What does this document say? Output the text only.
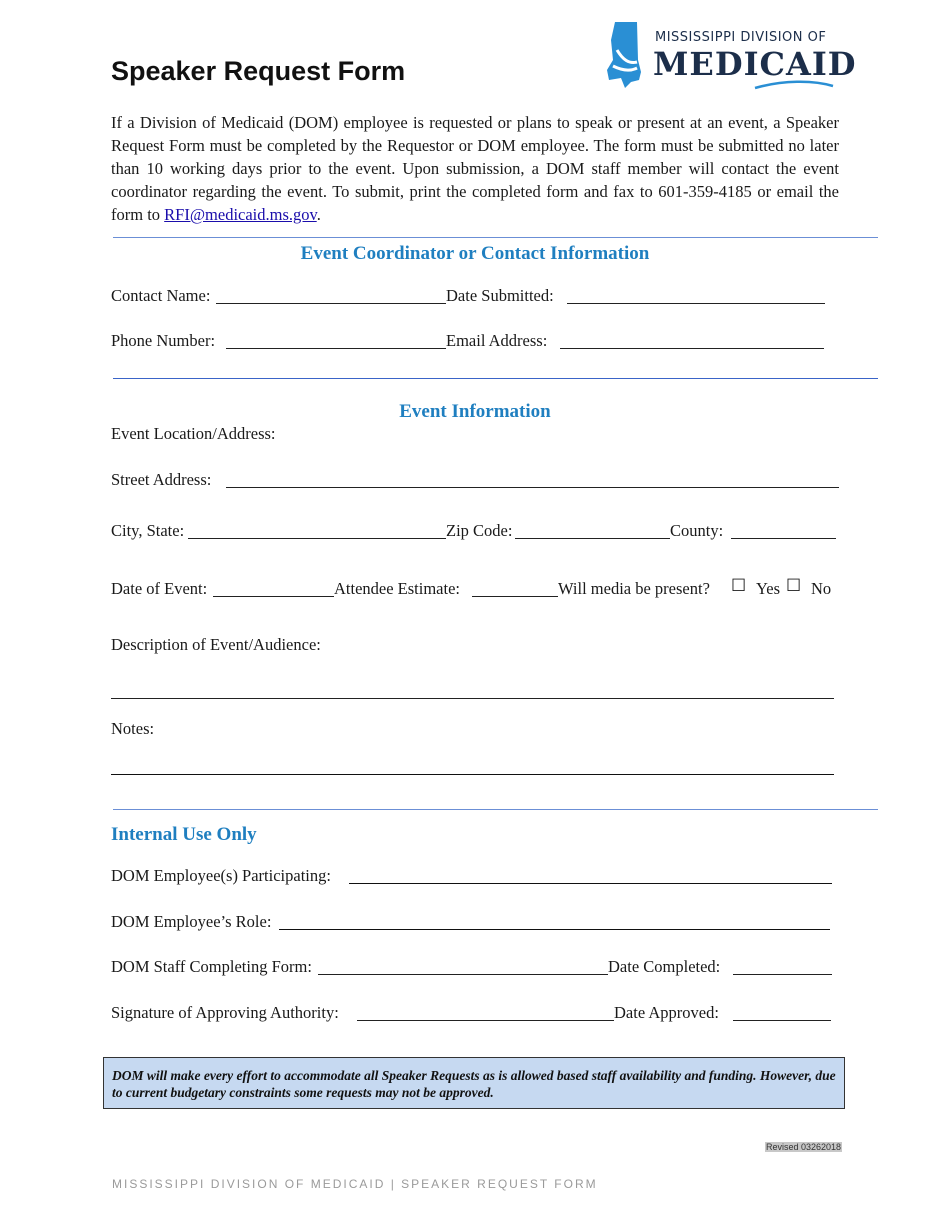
Speaker Request Form
MISSISSIPPI DIVISION OF
MEDICAID
If a Division of Medicaid (DOM) employee is requested or plans to speak or present at an event, a Speaker Request Form must be completed by the Requestor or DOM employee. The form must be submitted no later than 10 working days prior to the event. Upon submission, a DOM staff member will contact the event coordinator regarding the event. To submit, print the completed form and fax to 601-359-4185 or email the form to RFI@medicaid.ms.gov.
Event Coordinator or Contact Information
Contact Name:	Date Submitted:
Phone Number:	Email Address:
Event Information
Event Location/Address:
Street Address:
City, State:	Zip Code:	County:
Date of Event:	Attendee Estimate:	Will media be present? ☐ Yes ☐ No
Description of Event/Audience:
Notes:
Internal Use Only
DOM Employee(s) Participating:
DOM Employee’s Role:
DOM Staff Completing Form:	Date Completed:
Signature of Approving Authority:	Date Approved:
DOM will make every effort to accommodate all Speaker Requests as is allowed based staff availability and funding. However, due to current budgetary constraints some requests may not be approved.
Revised 03262018
MISSISSIPPI DIVISION OF MEDICAID | SPEAKER REQUEST FORM
